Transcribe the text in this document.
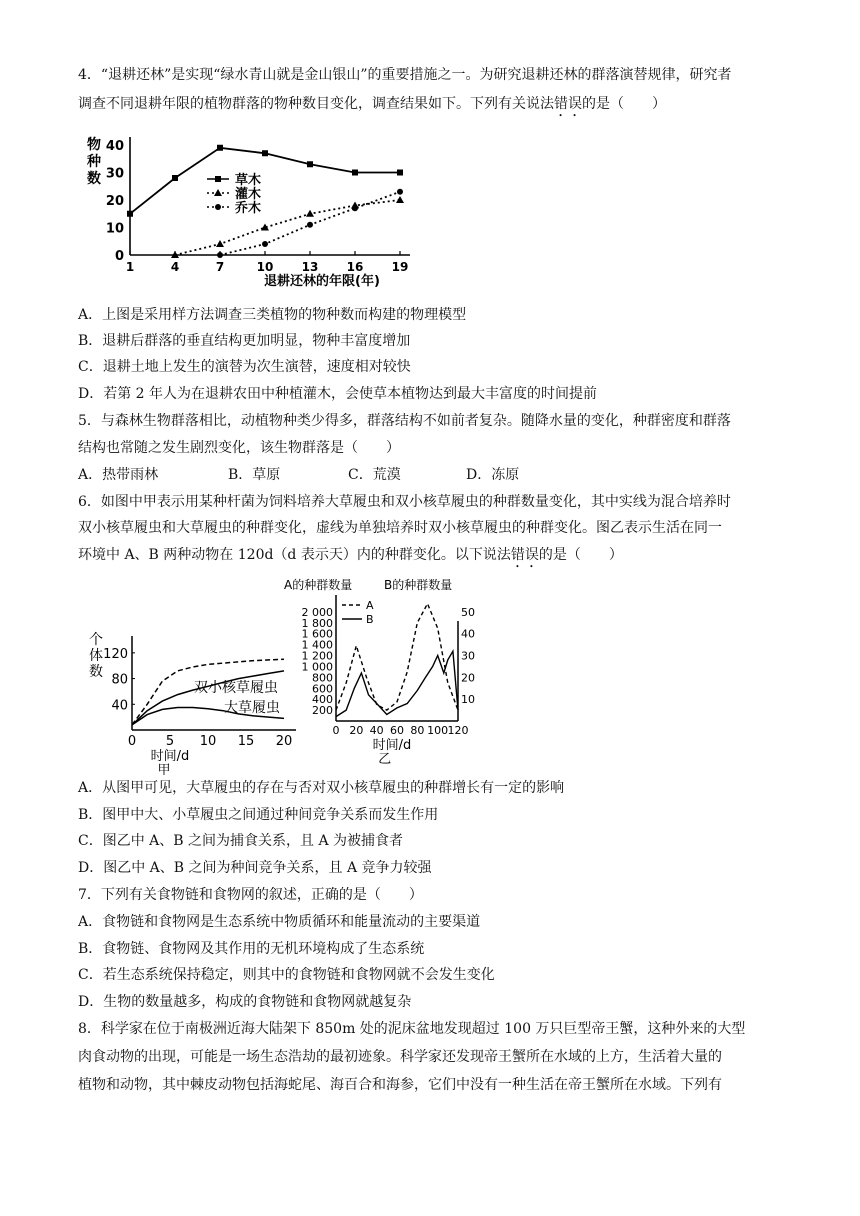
4．“退耕还林”是实现“绿水青山就是金山银山”的重要措施之一。为研究退耕还林的群落演替规律，研究者
调查不同退耕年限的植物群落的物种数目变化，调查结果如下。下列有关说法错误的是（　　）
0
10
20
30
40
1	4	7	10 13 16 19
物
种
数
退耕还林的年限(年)
草木
灌木
乔木
A．上图是采用样方法调查三类植物的物种数而构建的物理模型
B．退耕后群落的垂直结构更加明显，物种丰富度增加
C．退耕土地上发生的演替为次生演替，速度相对较快
D．若第 2 年人为在退耕农田中种植灌木，会使草本植物达到最大丰富度的时间提前
5．与森林生物群落相比，动植物种类少得多，群落结构不如前者复杂。随降水量的变化，种群密度和群落
结构也常随之发生剧烈变化，该生物群落是（　　）
A．热带雨林	B．草原	C．荒漠	D．冻原
6．如图中甲表示用某种杆菌为饲料培养大草履虫和双小核草履虫的种群数量变化，其中实线为混合培养时
双小核草履虫和大草履虫的种群变化，虚线为单独培养时双小核草履虫的种群变化。图乙表示生活在同一
环境中 A、B 两种动物在 120d（d 表示天）内的种群变化。以下说法错误的是（　　）
40
80
120
0 5 10 15 20
个
体
数
时间/d
甲
双小核草履虫
大草履虫
A的种群数量	B的种群数量
200
400
600
800
1 000
1 200
1 400
1 600
1 800
2 000
10
20
30
40
50
0 20 40 60 80 100 120
时间/d
乙
A
B
A．从图甲可见，大草履虫的存在与否对双小核草履虫的种群增长有一定的影响
B．图甲中大、小草履虫之间通过种间竞争关系而发生作用
C．图乙中 A、B 之间为捕食关系，且 A 为被捕食者
D．图乙中 A、B 之间为种间竞争关系，且 A 竞争力较强
7．下列有关食物链和食物网的叙述，正确的是（　　）
A．食物链和食物网是生态系统中物质循环和能量流动的主要渠道
B．食物链、食物网及其作用的无机环境构成了生态系统
C．若生态系统保持稳定，则其中的食物链和食物网就不会发生变化
D．生物的数量越多，构成的食物链和食物网就越复杂
8．科学家在位于南极洲近海大陆架下 850m 处的泥床盆地发现超过 100 万只巨型帝王蟹，这种外来的大型
肉食动物的出现，可能是一场生态浩劫的最初迹象。科学家还发现帝王蟹所在水域的上方，生活着大量的
植物和动物，其中棘皮动物包括海蛇尾、海百合和海参，它们中没有一种生活在帝王蟹所在水域。下列有
